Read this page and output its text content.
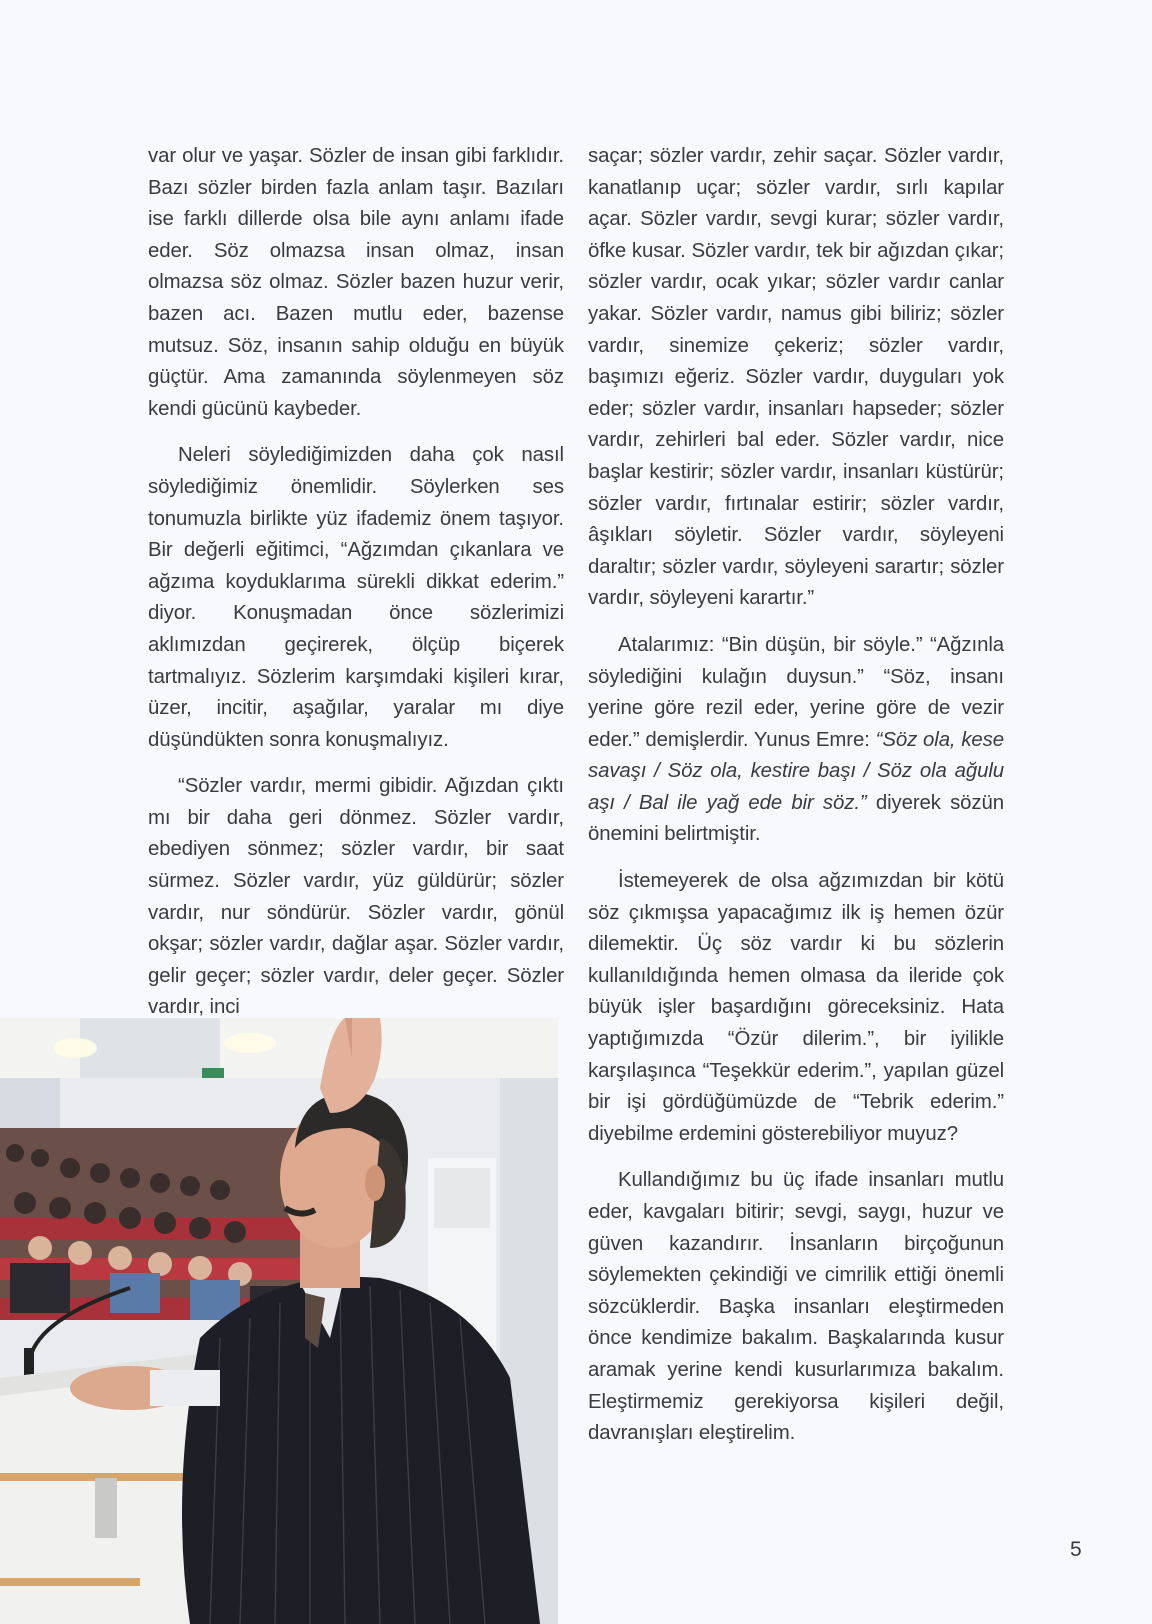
var olur ve yaşar. Sözler de insan gibi farklıdır. Bazı sözler birden fazla anlam taşır. Bazıları ise farklı dillerde olsa bile aynı anlamı ifade eder. Söz olmazsa insan olmaz, insan olmazsa söz olmaz. Sözler bazen huzur verir, bazen acı. Bazen mutlu eder, bazense mutsuz. Söz, insanın sahip olduğu en büyük güçtür. Ama zamanında söylenmeyen söz kendi gücünü kaybeder.

Neleri söylediğimizden daha çok nasıl söylediğimiz önemlidir. Söylerken ses tonumuzla birlikte yüz ifademiz önem taşıyor. Bir değerli eğitimci, “Ağzımdan çıkanlara ve ağzıma koyduklarıma sürekli dikkat ederim.” diyor. Konuşmadan önce sözlerimizi aklımızdan geçirerek, ölçüp biçerek tartmalıyız. Sözlerim karşımdaki kişileri kırar, üzer, incitir, aşağılar, yaralar mı diye düşündükten sonra konuşmalıyız.

“Sözler vardır, mermi gibidir. Ağızdan çıktı mı bir daha geri dönmez. Sözler vardır, ebediyen sönmez; sözler vardır, bir saat sürmez. Sözler vardır, yüz güldürür; sözler vardır, nur söndürür. Sözler vardır, gönül okşar; sözler vardır, dağlar aşar. Sözler vardır, gelir geçer; sözler vardır, deler geçer. Sözler vardır, inci

saçar; sözler vardır, zehir saçar. Sözler vardır, kanatlanıp uçar; sözler vardır, sırlı kapılar açar. Sözler vardır, sevgi kurar; sözler vardır, öfke kusar. Sözler vardır, tek bir ağızdan çıkar; sözler vardır, ocak yıkar; sözler vardır canlar yakar. Sözler vardır, namus gibi biliriz; sözler vardır, sinemize çekeriz; sözler vardır, başımızı eğeriz. Sözler vardır, duyguları yok eder; sözler vardır, insanları hapseder; sözler vardır, zehirleri bal eder. Sözler vardır, nice başlar kestirir; sözler vardır, insanları küstürür; sözler vardır, fırtınalar estirir; sözler vardır, âşıkları söyletir. Sözler vardır, söyleyeni daraltır; sözler vardır, söyleyeni sarartır; sözler vardır, söyleyeni karartır.”

Atalarımız: “Bin düşün, bir söyle.” “Ağzınla söylediğini kulağın duysun.” “Söz, insanı yerine göre rezil eder, yerine göre de vezir eder.” demişlerdir. Yunus Emre: “Söz ola, kese savaşı / Söz ola, kestire başı / Söz ola ağulu aşı / Bal ile yağ ede bir söz.” diyerek sözün önemini belirtmiştir.

İstemeyerek de olsa ağzımızdan bir kötü söz çıkmışsa yapacağımız ilk iş hemen özür dilemektir. Üç söz vardır ki bu sözlerin kullanıldığında hemen olmasa da ileride çok büyük işler başardığını göreceksiniz. Hata yaptığımızda “Özür dilerim.”, bir iyilikle karşılaşınca “Teşekkür ederim.”, yapılan güzel bir işi gördüğümüzde de “Tebrik ederim.” diyebilme erdemini gösterebiliyor muyuz?

Kullandığımız bu üç ifade insanları mutlu eder, kavgaları bitirir; sevgi, saygı, huzur ve güven kazandırır. İnsanların birçoğunun söylemekten çekindiği ve cimrilik ettiği önemli sözcüklerdir. Başka insanları eleştirmeden önce kendimize bakalım. Başkalarında kusur aramak yerine kendi kusurlarımıza bakalım. Eleştirmemiz gerekiyorsa kişileri değil, davranışları eleştirelim.

5
